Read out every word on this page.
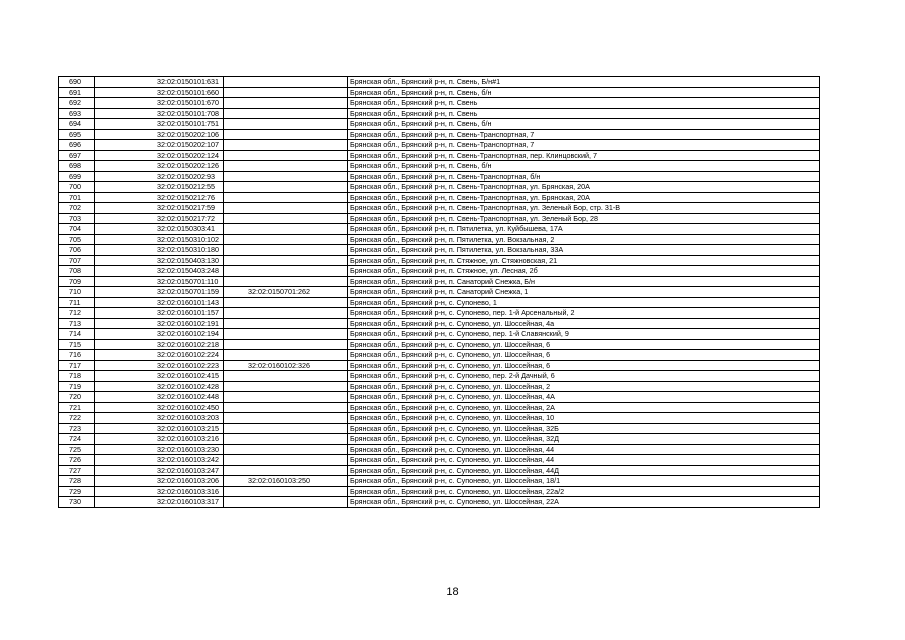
690	32:02:0150101:631		Брянская обл., Брянский р-н, п. Свень, Б/н#1
691	32:02:0150101:660		Брянская обл., Брянский р-н, п. Свень, б/н
692	32:02:0150101:670		Брянская обл., Брянский р-н, п. Свень
693	32:02:0150101:708		Брянская обл., Брянский р-н, п. Свень
694	32:02:0150101:751		Брянская обл., Брянский р-н, п. Свень, б/н
695	32:02:0150202:106		Брянская обл., Брянский р-н, п. Свень-Транспортная, 7
696	32:02:0150202:107		Брянская обл., Брянский р-н, п. Свень-Транспортная, 7
697	32:02:0150202:124		Брянская обл., Брянский р-н, п. Свень-Транспортная, пер. Клинцовский, 7
698	32:02:0150202:126		Брянская обл., Брянский р-н, п. Свень, б/н
699	32:02:0150202:93		Брянская обл., Брянский р-н, п. Свень-Транспортная, б/н
700	32:02:0150212:55		Брянская обл., Брянский р-н, п. Свень-Транспортная, ул. Брянская, 20А
701	32:02:0150212:76		Брянская обл., Брянский р-н, п. Свень-Транспортная, ул. Брянская, 20А
702	32:02:0150217:59		Брянская обл., Брянский р-н, п. Свень-Транспортная, ул. Зеленый Бор, стр. 31-В
703	32:02:0150217:72		Брянская обл., Брянский р-н, п. Свень-Транспортная, ул. Зеленый Бор, 28
704	32:02:0150303:41		Брянская обл., Брянский р-н, п. Пятилетка, ул. Куйбышева, 17А
705	32:02:0150310:102		Брянская обл., Брянский р-н, п. Пятилетка, ул. Вокзальная, 2
706	32:02:0150310:180		Брянская обл., Брянский р-н, п. Пятилетка, ул. Вокзальная, 33А
707	32:02:0150403:130		Брянская обл., Брянский р-н, п. Стяжное, ул. Стяжновская, 21
708	32:02:0150403:248		Брянская обл., Брянский р-н, п. Стяжное, ул. Лесная, 2б
709	32:02:0150701:110		Брянская обл., Брянский р-н, п. Санаторий Снежка, Б/н
710	32:02:0150701:159	32:02:0150701:262	Брянская обл., Брянский р-н, п. Санаторий Снежка, 1
711	32:02:0160101:143		Брянская обл., Брянский р-н, с. Супонево, 1
712	32:02:0160101:157		Брянская обл., Брянский р-н, с. Супонево, пер. 1-й Арсенальный, 2
713	32:02:0160102:191		Брянская обл., Брянский р-н, с. Супонево, ул. Шоссейная, 4а
714	32:02:0160102:194		Брянская обл., Брянский р-н, с. Супонево, пер. 1-й Славянский, 9
715	32:02:0160102:218		Брянская обл., Брянский р-н, с. Супонево, ул. Шоссейная, 6
716	32:02:0160102:224		Брянская обл., Брянский р-н, с. Супонево, ул. Шоссейная, 6
717	32:02:0160102:223	32:02:0160102:326	Брянская обл., Брянский р-н, с. Супонево, ул. Шоссейная, 6
718	32:02:0160102:415		Брянская обл., Брянский р-н, с. Супонево, пер. 2-й Дачный, 6
719	32:02:0160102:428		Брянская обл., Брянский р-н, с. Супонево, ул. Шоссейная, 2
720	32:02:0160102:448		Брянская обл., Брянский р-н, с. Супонево, ул. Шоссейная, 4А
721	32:02:0160102:450		Брянская обл., Брянский р-н, с. Супонево, ул. Шоссейная, 2А
722	32:02:0160103:203		Брянская обл., Брянский р-н, с. Супонево, ул. Шоссейная, 10
723	32:02:0160103:215		Брянская обл., Брянский р-н, с. Супонево, ул. Шоссейная, 32Б
724	32:02:0160103:216		Брянская обл., Брянский р-н, с. Супонево, ул. Шоссейная, 32Д
725	32:02:0160103:230		Брянская обл., Брянский р-н, с. Супонево, ул. Шоссейная, 44
726	32:02:0160103:242		Брянская обл., Брянский р-н, с. Супонево, ул. Шоссейная, 44
727	32:02:0160103:247		Брянская обл., Брянский р-н, с. Супонево, ул. Шоссейная, 44Д
728	32:02:0160103:206	32:02:0160103:250	Брянская обл., Брянский р-н, с. Супонево, ул. Шоссейная, 18/1
729	32:02:0160103:316		Брянская обл., Брянский р-н, с. Супонево, ул. Шоссейная, 22а/2
730	32:02:0160103:317		Брянская обл., Брянский р-н, с. Супонево, ул. Шоссейная, 22А
18
